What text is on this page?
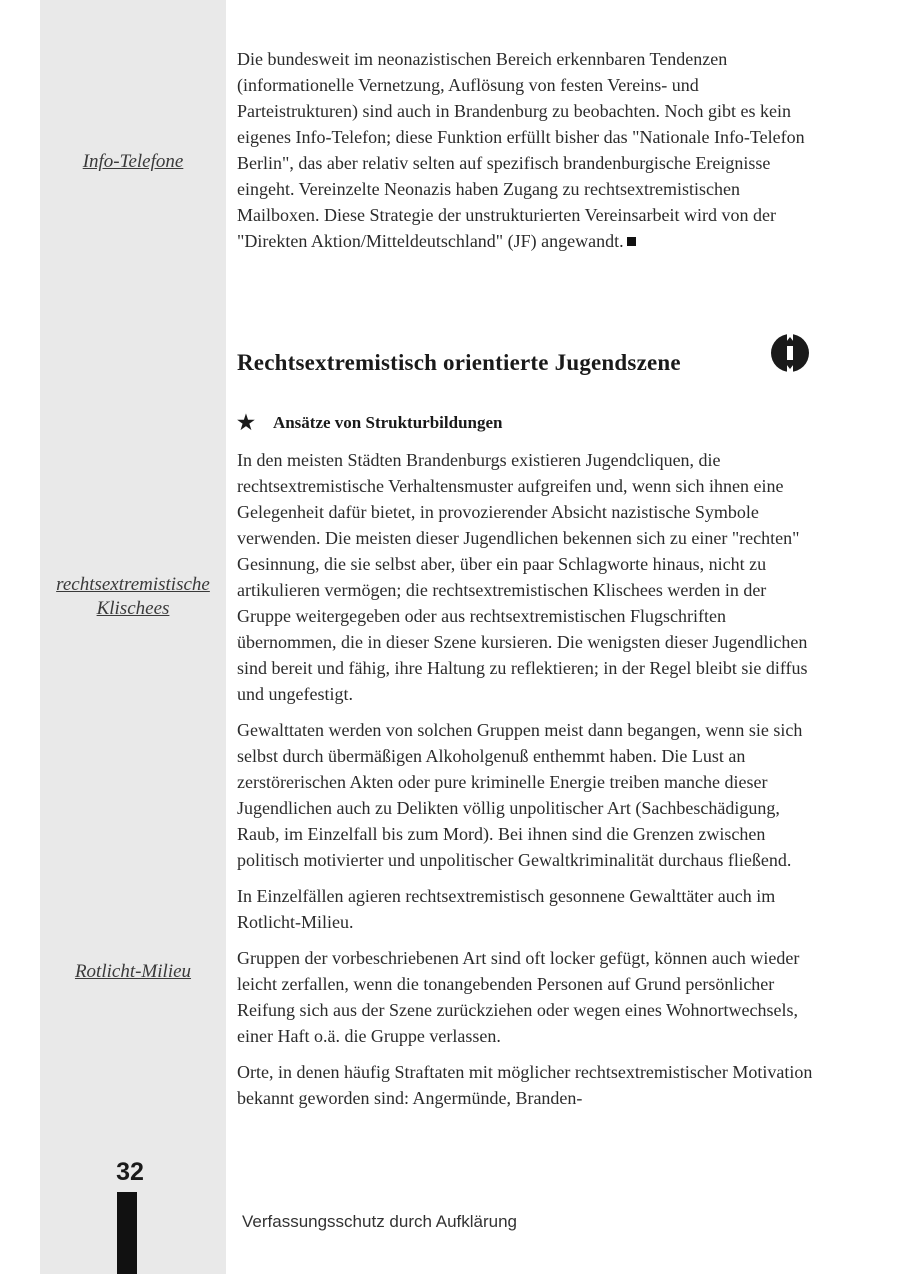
Info-Telefone
rechtsextremistische
Klischees
Rotlicht-Milieu
32

Die bundesweit im neonazistischen Bereich erkennbaren Tendenzen (informationelle Vernetzung, Auflösung von festen Vereins- und Parteistrukturen) sind auch in Brandenburg zu beobachten. Noch gibt es kein eigenes Info-Telefon; diese Funktion erfüllt bisher das "Nationale Info-Telefon Berlin", das aber relativ selten auf spezifisch brandenburgische Ereignisse eingeht. Vereinzelte Neonazis haben Zugang zu rechtsextremistischen Mailboxen. Diese Strategie der unstrukturierten Vereinsarbeit wird von der "Direkten Aktion/Mitteldeutschland" (JF) angewandt.

Rechtsextremistisch orientierte Jugendszene
★ Ansätze von Strukturbildungen

In den meisten Städten Brandenburgs existieren Jugendcliquen, die rechtsextremistische Verhaltensmuster aufgreifen und, wenn sich ihnen eine Gelegenheit dafür bietet, in provozierender Absicht nazistische Symbole verwenden. Die meisten dieser Jugendlichen bekennen sich zu einer "rechten" Gesinnung, die sie selbst aber, über ein paar Schlagworte hinaus, nicht zu artikulieren vermögen; die rechtsextremistischen Klischees werden in der Gruppe weitergegeben oder aus rechtsextremistischen Flugschriften übernommen, die in dieser Szene kursieren. Die wenigsten dieser Jugendlichen sind bereit und fähig, ihre Haltung zu reflektieren; in der Regel bleibt sie diffus und ungefestigt.

Gewalttaten werden von solchen Gruppen meist dann begangen, wenn sie sich selbst durch übermäßigen Alkoholgenuß enthemmt haben. Die Lust an zerstörerischen Akten oder pure kriminelle Energie treiben manche dieser Jugendlichen auch zu Delikten völlig unpolitischer Art (Sachbeschädigung, Raub, im Einzelfall bis zum Mord). Bei ihnen sind die Grenzen zwischen politisch motivierter und unpolitischer Gewaltkriminalität durchaus fließend.

In Einzelfällen agieren rechtsextremistisch gesonnene Gewalttäter auch im Rotlicht-Milieu.

Gruppen der vorbeschriebenen Art sind oft locker gefügt, können auch wieder leicht zerfallen, wenn die tonangebenden Personen auf Grund persönlicher Reifung sich aus der Szene zurückziehen oder wegen eines Wohnortwechsels, einer Haft o.ä. die Gruppe verlassen.

Orte, in denen häufig Straftaten mit möglicher rechtsextremistischer Motivation bekannt geworden sind: Angermünde, Branden-

Verfassungsschutz durch Aufklärung
